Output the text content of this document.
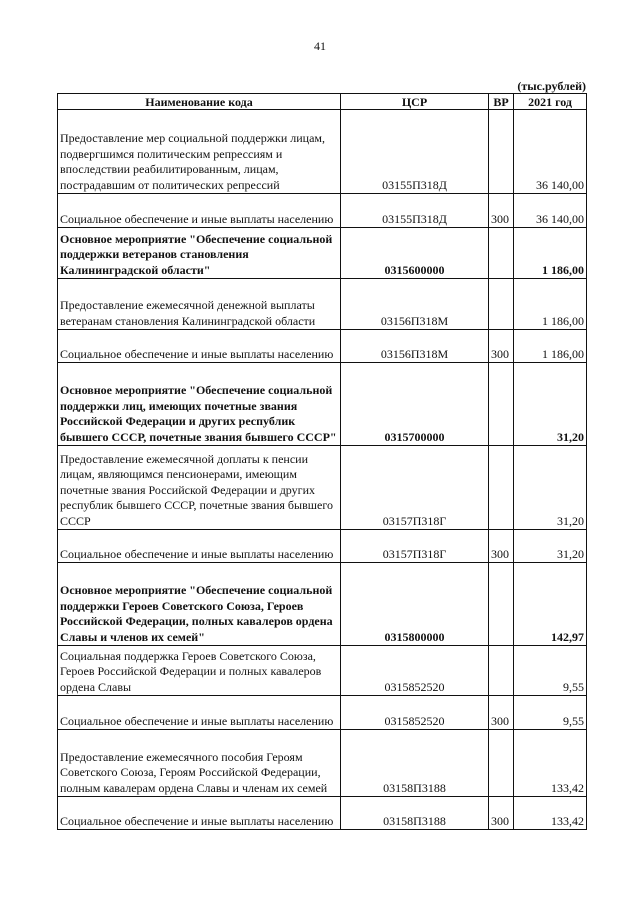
41
(тыс.рублей)
Наименование кода	ЦСР	ВР	2021 год
Предоставление мер социальной поддержки лицам, подвергшимся политическим репрессиям и впоследствии реабилитированным, лицам, пострадавшим от политических репрессий	03155П318Д		36 140,00
Социальное обеспечение и иные выплаты населению	03155П318Д	300	36 140,00
Основное мероприятие "Обеспечение социальной поддержки ветеранов становления Калининградской области"	0315600000		1 186,00
Предоставление ежемесячной денежной выплаты ветеранам становления Калининградской области	03156П318М		1 186,00
Социальное обеспечение и иные выплаты населению	03156П318М	300	1 186,00
Основное мероприятие "Обеспечение социальной поддержки лиц, имеющих почетные звания Российской Федерации и других республик бывшего СССР, почетные звания бывшего СССР"	0315700000		31,20
Предоставление ежемесячной доплаты к пенсии лицам, являющимся пенсионерами, имеющим почетные звания Российской Федерации и других республик бывшего СССР, почетные звания бывшего СССР	03157П318Г		31,20
Социальное обеспечение и иные выплаты населению	03157П318Г	300	31,20
Основное мероприятие "Обеспечение социальной поддержки Героев Советского Союза, Героев Российской Федерации, полных кавалеров ордена Славы и членов их семей"	0315800000		142,97
Социальная поддержка Героев Советского Союза, Героев Российской Федерации и полных кавалеров ордена Славы	0315852520		9,55
Социальное обеспечение и иные выплаты населению	0315852520	300	9,55
Предоставление ежемесячного пособия Героям Советского Союза, Героям Российской Федерации, полным кавалерам ордена Славы и членам их семей	03158П3188		133,42
Социальное обеспечение и иные выплаты населению	03158П3188	300	133,42
